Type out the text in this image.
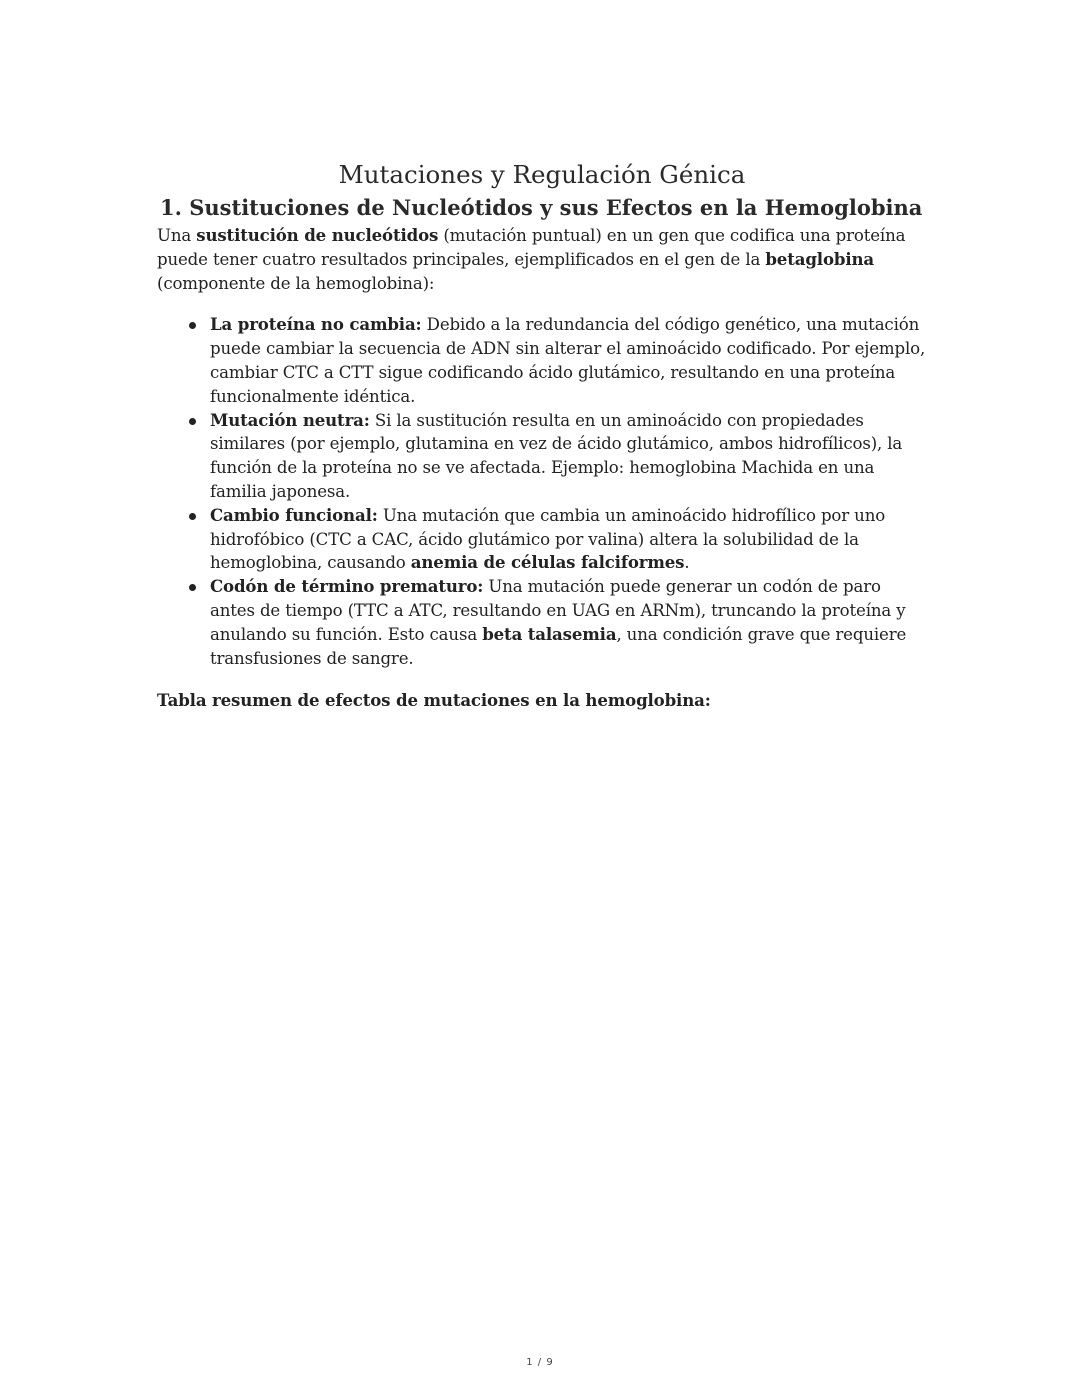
Mutaciones y Regulación Génica
1. Sustituciones de Nucleótidos y sus Efectos en la Hemoglobina

Una sustitución de nucleótidos (mutación puntual) en un gen que codifica una proteína puede tener cuatro resultados principales, ejemplificados en el gen de la betaglobina (componente de la hemoglobina):

La proteína no cambia: Debido a la redundancia del código genético, una mutación puede cambiar la secuencia de ADN sin alterar el aminoácido codificado. Por ejemplo, cambiar CTC a CTT sigue codificando ácido glutámico, resultando en una proteína funcionalmente idéntica.
Mutación neutra: Si la sustitución resulta en un aminoácido con propiedades similares (por ejemplo, glutamina en vez de ácido glutámico, ambos hidrofílicos), la función de la proteína no se ve afectada. Ejemplo: hemoglobina Machida en una familia japonesa.
Cambio funcional: Una mutación que cambia un aminoácido hidrofílico por uno hidrofóbico (CTC a CAC, ácido glutámico por valina) altera la solubilidad de la hemoglobina, causando anemia de células falciformes.
Codón de término prematuro: Una mutación puede generar un codón de paro antes de tiempo (TTC a ATC, resultando en UAG en ARNm), truncando la proteína y anulando su función. Esto causa beta talasemia, una condición grave que requiere transfusiones de sangre.

Tabla resumen de efectos de mutaciones en la hemoglobina:

1 / 9
